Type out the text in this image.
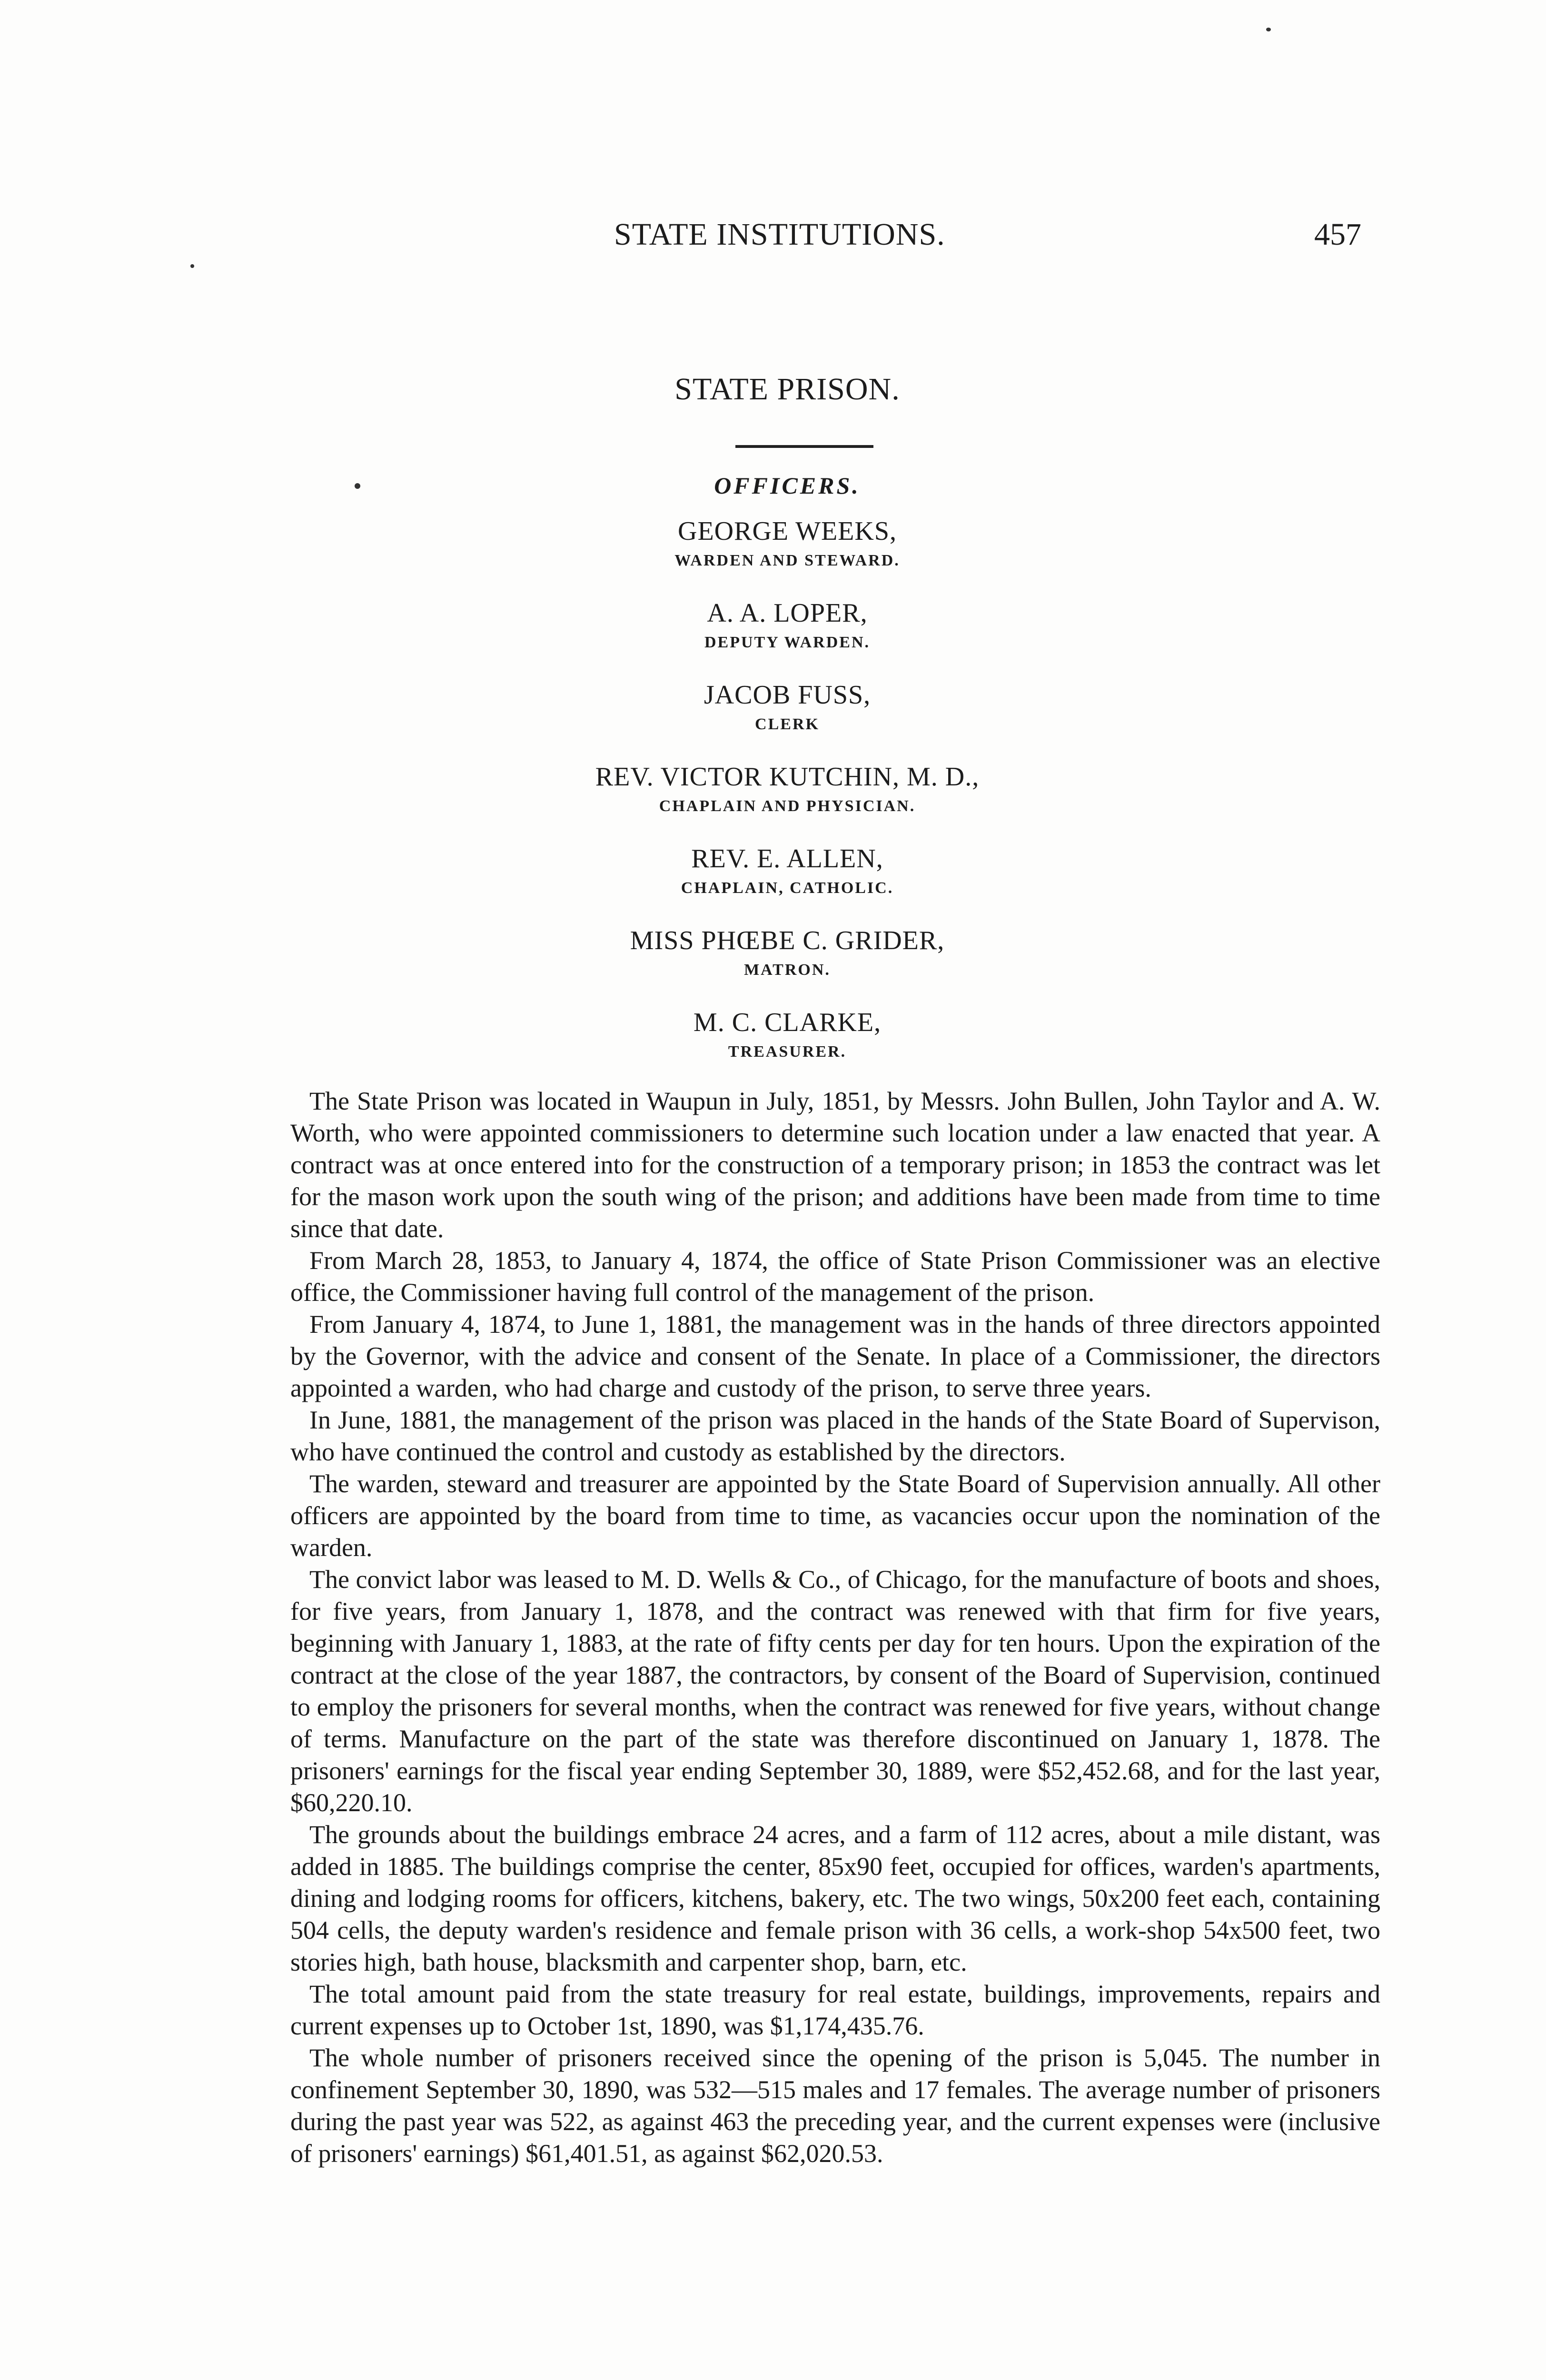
STATE INSTITUTIONS.	457
STATE PRISON.
OFFICERS.
GEORGE WEEKS,
WARDEN AND STEWARD.
A. A. LOPER,
DEPUTY WARDEN.
JACOB FUSS,
CLERK
REV. VICTOR KUTCHIN, M. D.,
CHAPLAIN AND PHYSICIAN.
REV. E. ALLEN,
CHAPLAIN, CATHOLIC.
MISS PHŒBE C. GRIDER,
MATRON.
M. C. CLARKE,
TREASURER.

The State Prison was located in Waupun in July, 1851, by Messrs. John Bullen, John Taylor and A. W. Worth, who were appointed commissioners to determine such location under a law enacted that year. A contract was at once entered into for the construction of a temporary prison; in 1853 the contract was let for the mason work upon the south wing of the prison; and additions have been made from time to time since that date.

From March 28, 1853, to January 4, 1874, the office of State Prison Commissioner was an elective office, the Commissioner having full control of the management of the prison.

From January 4, 1874, to June 1, 1881, the management was in the hands of three directors appointed by the Governor, with the advice and consent of the Senate. In place of a Commissioner, the directors appointed a warden, who had charge and custody of the prison, to serve three years.

In June, 1881, the management of the prison was placed in the hands of the State Board of Supervison, who have continued the control and custody as established by the directors.

The warden, steward and treasurer are appointed by the State Board of Supervision annually. All other officers are appointed by the board from time to time, as vacancies occur upon the nomination of the warden.

The convict labor was leased to M. D. Wells & Co., of Chicago, for the manufacture of boots and shoes, for five years, from January 1, 1878, and the contract was renewed with that firm for five years, beginning with January 1, 1883, at the rate of fifty cents per day for ten hours. Upon the expiration of the contract at the close of the year 1887, the contractors, by consent of the Board of Supervision, continued to employ the prisoners for several months, when the contract was renewed for five years, without change of terms. Manufacture on the part of the state was therefore discontinued on January 1, 1878. The prisoners' earnings for the fiscal year ending September 30, 1889, were $52,452.68, and for the last year, $60,220.10.

The grounds about the buildings embrace 24 acres, and a farm of 112 acres, about a mile distant, was added in 1885. The buildings comprise the center, 85x90 feet, occupied for offices, warden's apartments, dining and lodging rooms for officers, kitchens, bakery, etc. The two wings, 50x200 feet each, containing 504 cells, the deputy warden's residence and female prison with 36 cells, a work-shop 54x500 feet, two stories high, bath house, blacksmith and carpenter shop, barn, etc.

The total amount paid from the state treasury for real estate, buildings, improvements, repairs and current expenses up to October 1st, 1890, was $1,174,435.76.

The whole number of prisoners received since the opening of the prison is 5,045. The number in confinement September 30, 1890, was 532—515 males and 17 females. The average number of prisoners during the past year was 522, as against 463 the preceding year, and the current expenses were (inclusive of prisoners' earnings) $61,401.51, as against $62,020.53.
